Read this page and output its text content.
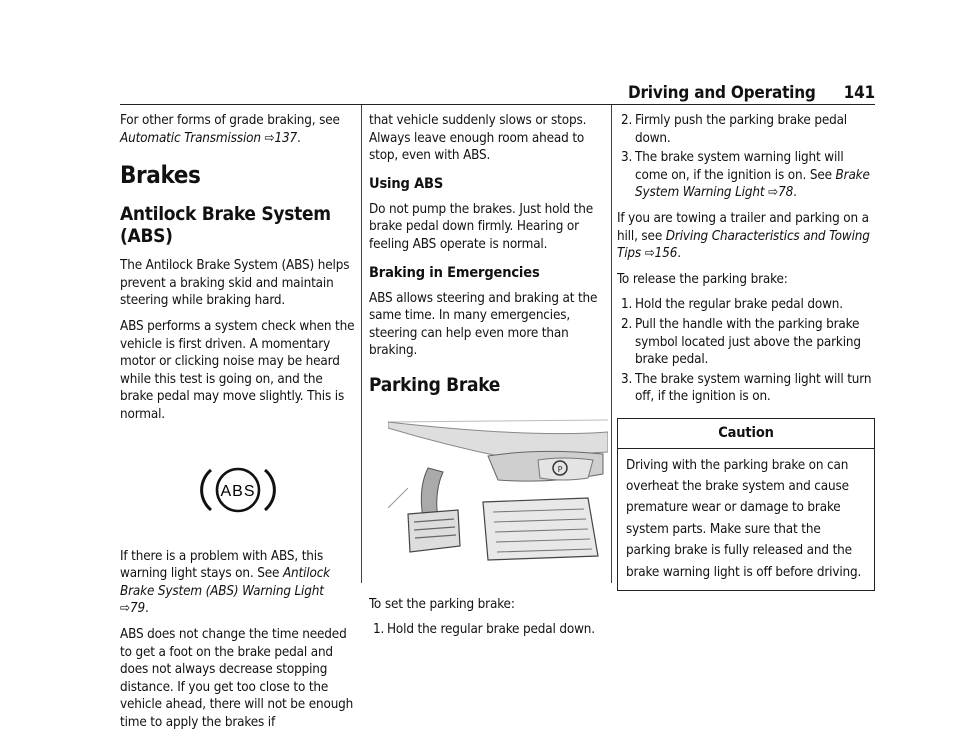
Driving and Operating 141

For other forms of grade braking, see Automatic Transmission ⇨137.

Brakes
Antilock Brake System (ABS)

The Antilock Brake System (ABS) helps prevent a braking skid and maintain steering while braking hard.

ABS performs a system check when the vehicle is first driven. A momentary motor or clicking noise may be heard while this test is going on, and the brake pedal may move slightly. This is normal.

ABS

If there is a problem with ABS, this warning light stays on. See Antilock Brake System (ABS) Warning Light ⇨79.

ABS does not change the time needed to get a foot on the brake pedal and does not always decrease stopping distance. If you get too close to the vehicle ahead, there will not be enough time to apply the brakes if

that vehicle suddenly slows or stops. Always leave enough room ahead to stop, even with ABS.

Using ABS

Do not pump the brakes. Just hold the brake pedal down firmly. Hearing or feeling ABS operate is normal.

Braking in Emergencies

ABS allows steering and braking at the same time. In many emergencies, steering can help even more than braking.

Parking Brake
P

To set the parking brake:

1. Hold the regular brake pedal down.
2. Firmly push the parking brake pedal down.
3. The brake system warning light will come on, if the ignition is on. See Brake System Warning Light ⇨78.

If you are towing a trailer and parking on a hill, see Driving Characteristics and Towing Tips ⇨156.

To release the parking brake:

1. Hold the regular brake pedal down.
2. Pull the handle with the parking brake symbol located just above the parking brake pedal.
3. The brake system warning light will turn off, if the ignition is on.
Caution
Driving with the parking brake on can overheat the brake system and cause premature wear or damage to brake system parts. Make sure that the parking brake is fully released and the brake warning light is off before driving.
